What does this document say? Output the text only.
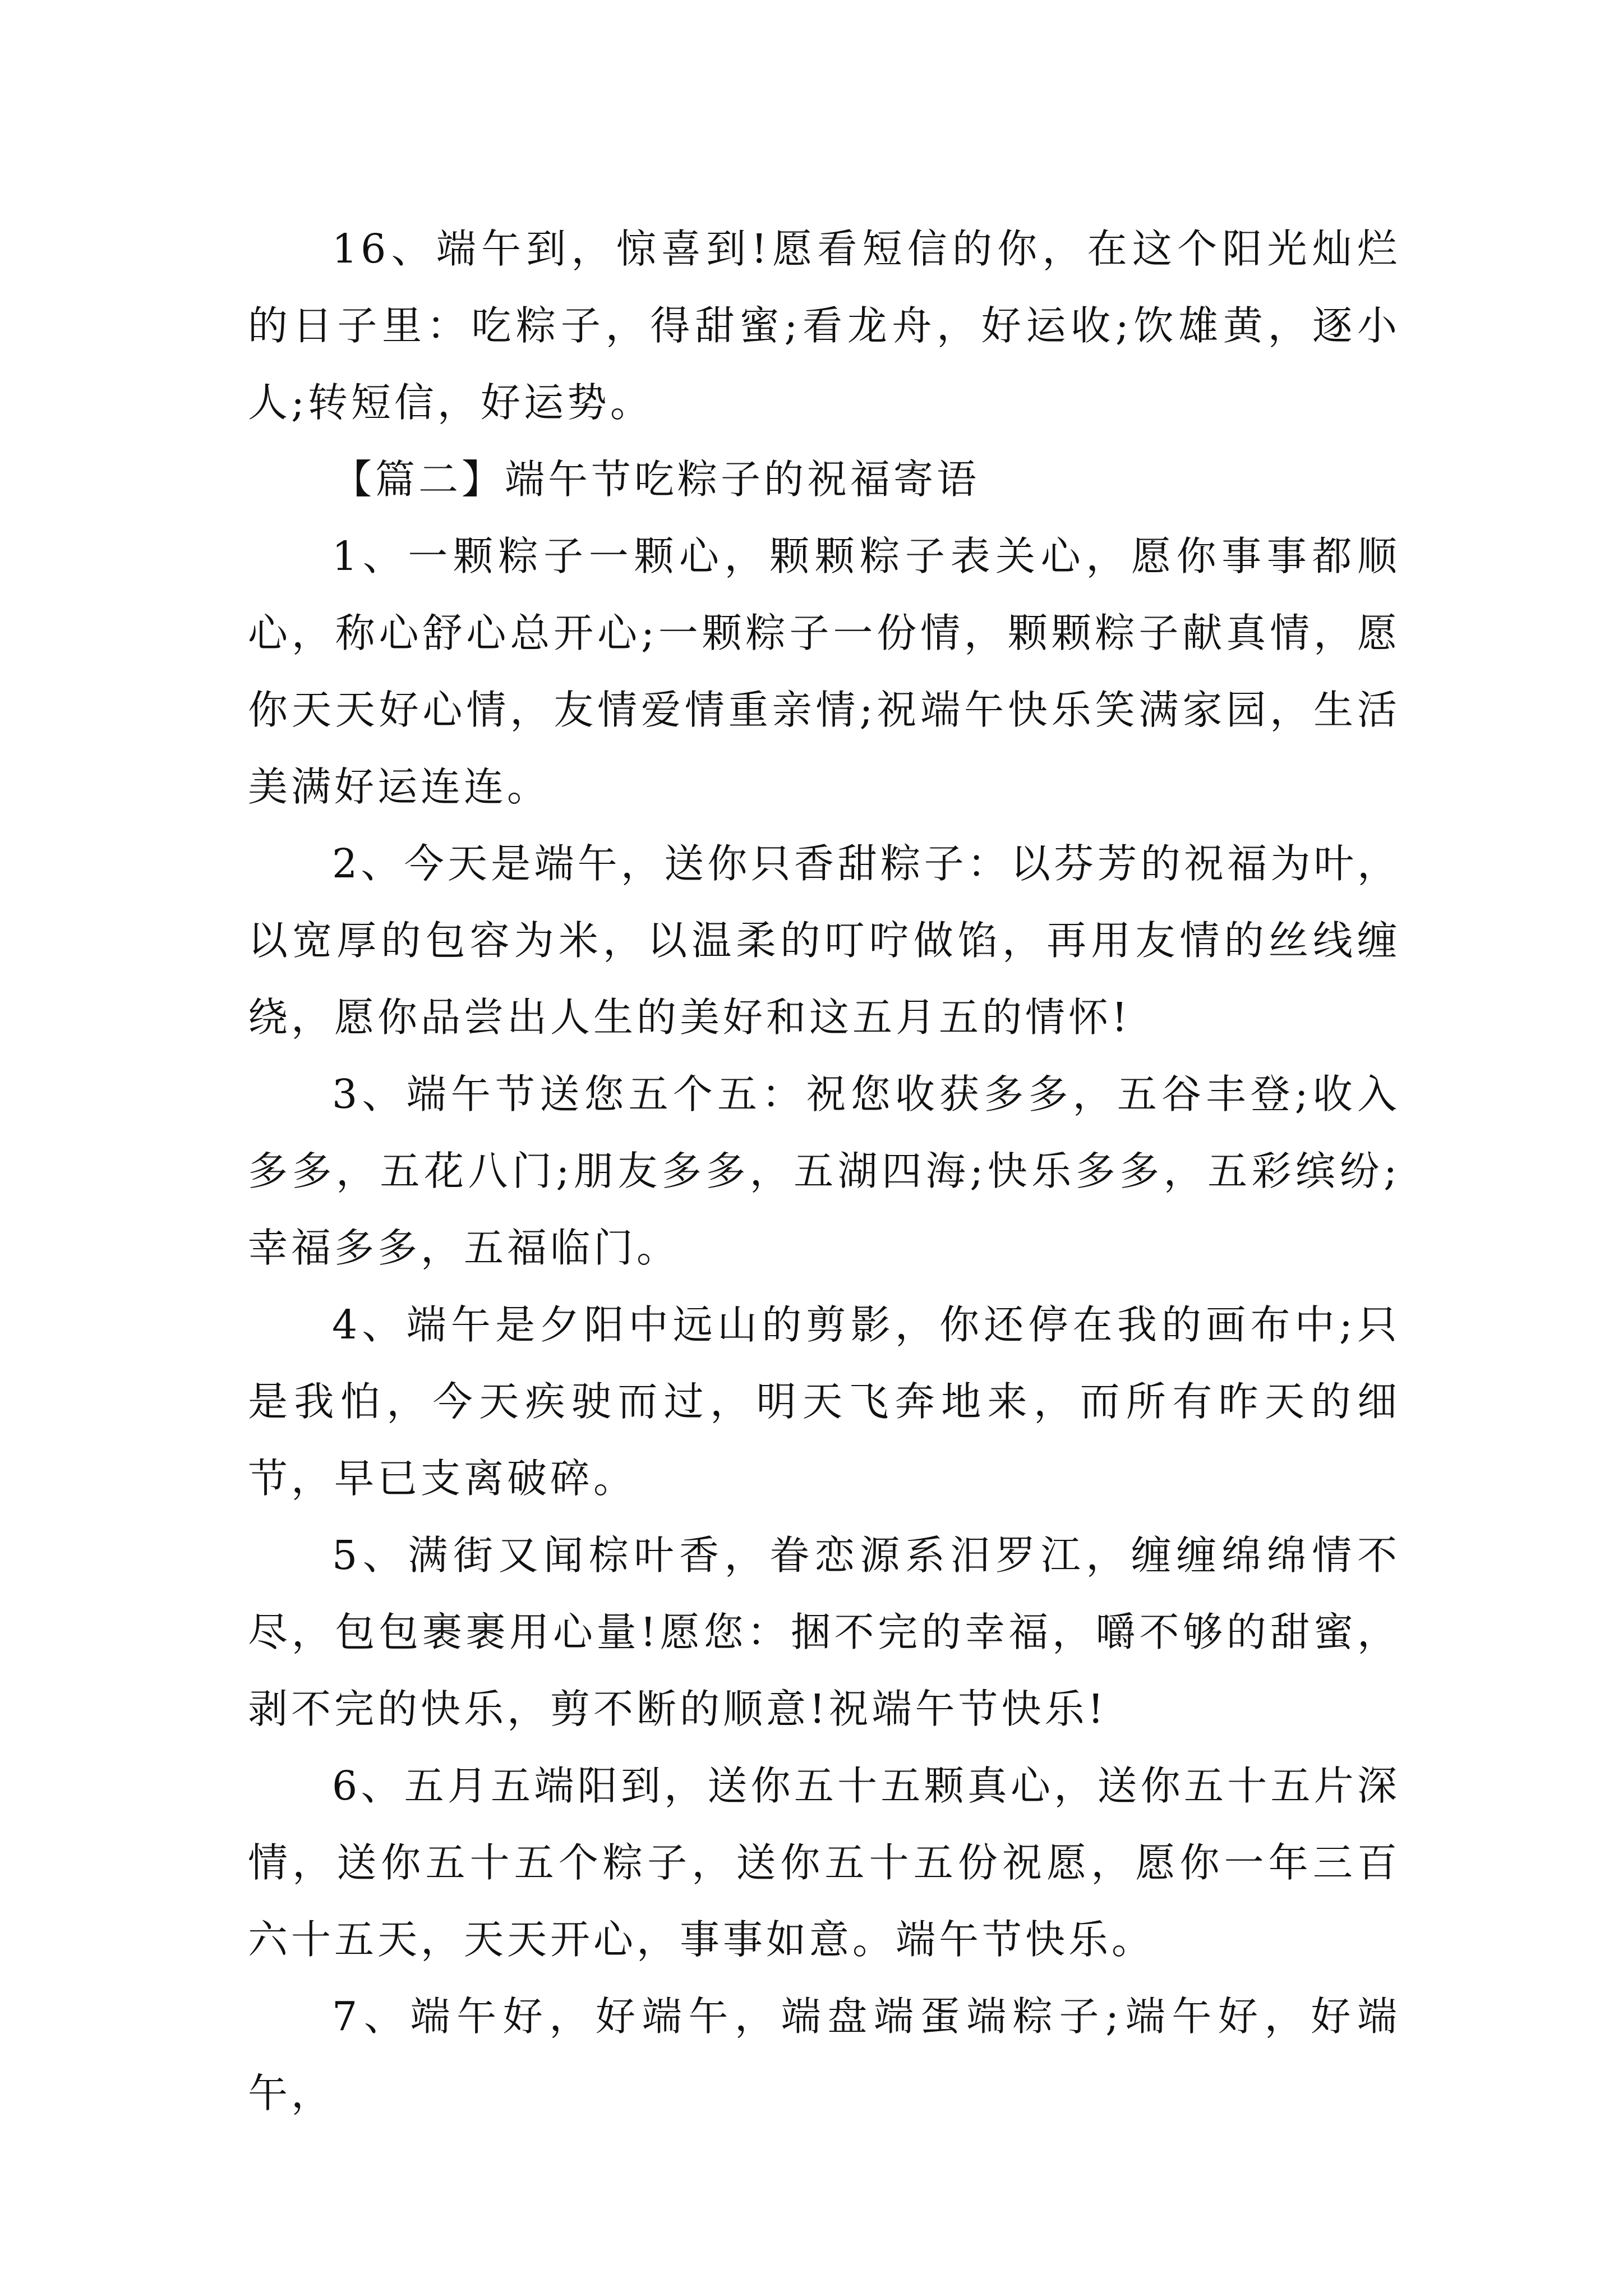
16、端午到，惊喜到!愿看短信的你，在这个阳光灿烂的日子里：吃粽子，得甜蜜;看龙舟，好运收;饮雄黄，逐小人;转短信，好运势。

【篇二】端午节吃粽子的祝福寄语

1、一颗粽子一颗心，颗颗粽子表关心，愿你事事都顺心，称心舒心总开心;一颗粽子一份情，颗颗粽子献真情，愿你天天好心情，友情爱情重亲情;祝端午快乐笑满家园，生活美满好运连连。

2、今天是端午，送你只香甜粽子：以芬芳的祝福为叶，以宽厚的包容为米，以温柔的叮咛做馅，再用友情的丝线缠绕，愿你品尝出人生的美好和这五月五的情怀!

3、端午节送您五个五：祝您收获多多，五谷丰登;收入多多，五花八门;朋友多多，五湖四海;快乐多多，五彩缤纷;幸福多多，五福临门。

4、端午是夕阳中远山的剪影，你还停在我的画布中;只是我怕，今天疾驶而过，明天飞奔地来，而所有昨天的细节，早已支离破碎。

5、满街又闻棕叶香，眷恋源系汨罗江，缠缠绵绵情不尽，包包裹裹用心量!愿您：捆不完的幸福，嚼不够的甜蜜，剥不完的快乐，剪不断的顺意!祝端午节快乐!

6、五月五端阳到，送你五十五颗真心，送你五十五片深情，送你五十五个粽子，送你五十五份祝愿，愿你一年三百六十五天，天天开心，事事如意。端午节快乐。

7、端午好，好端午，端盘端蛋端粽子;端午好，好端午，
